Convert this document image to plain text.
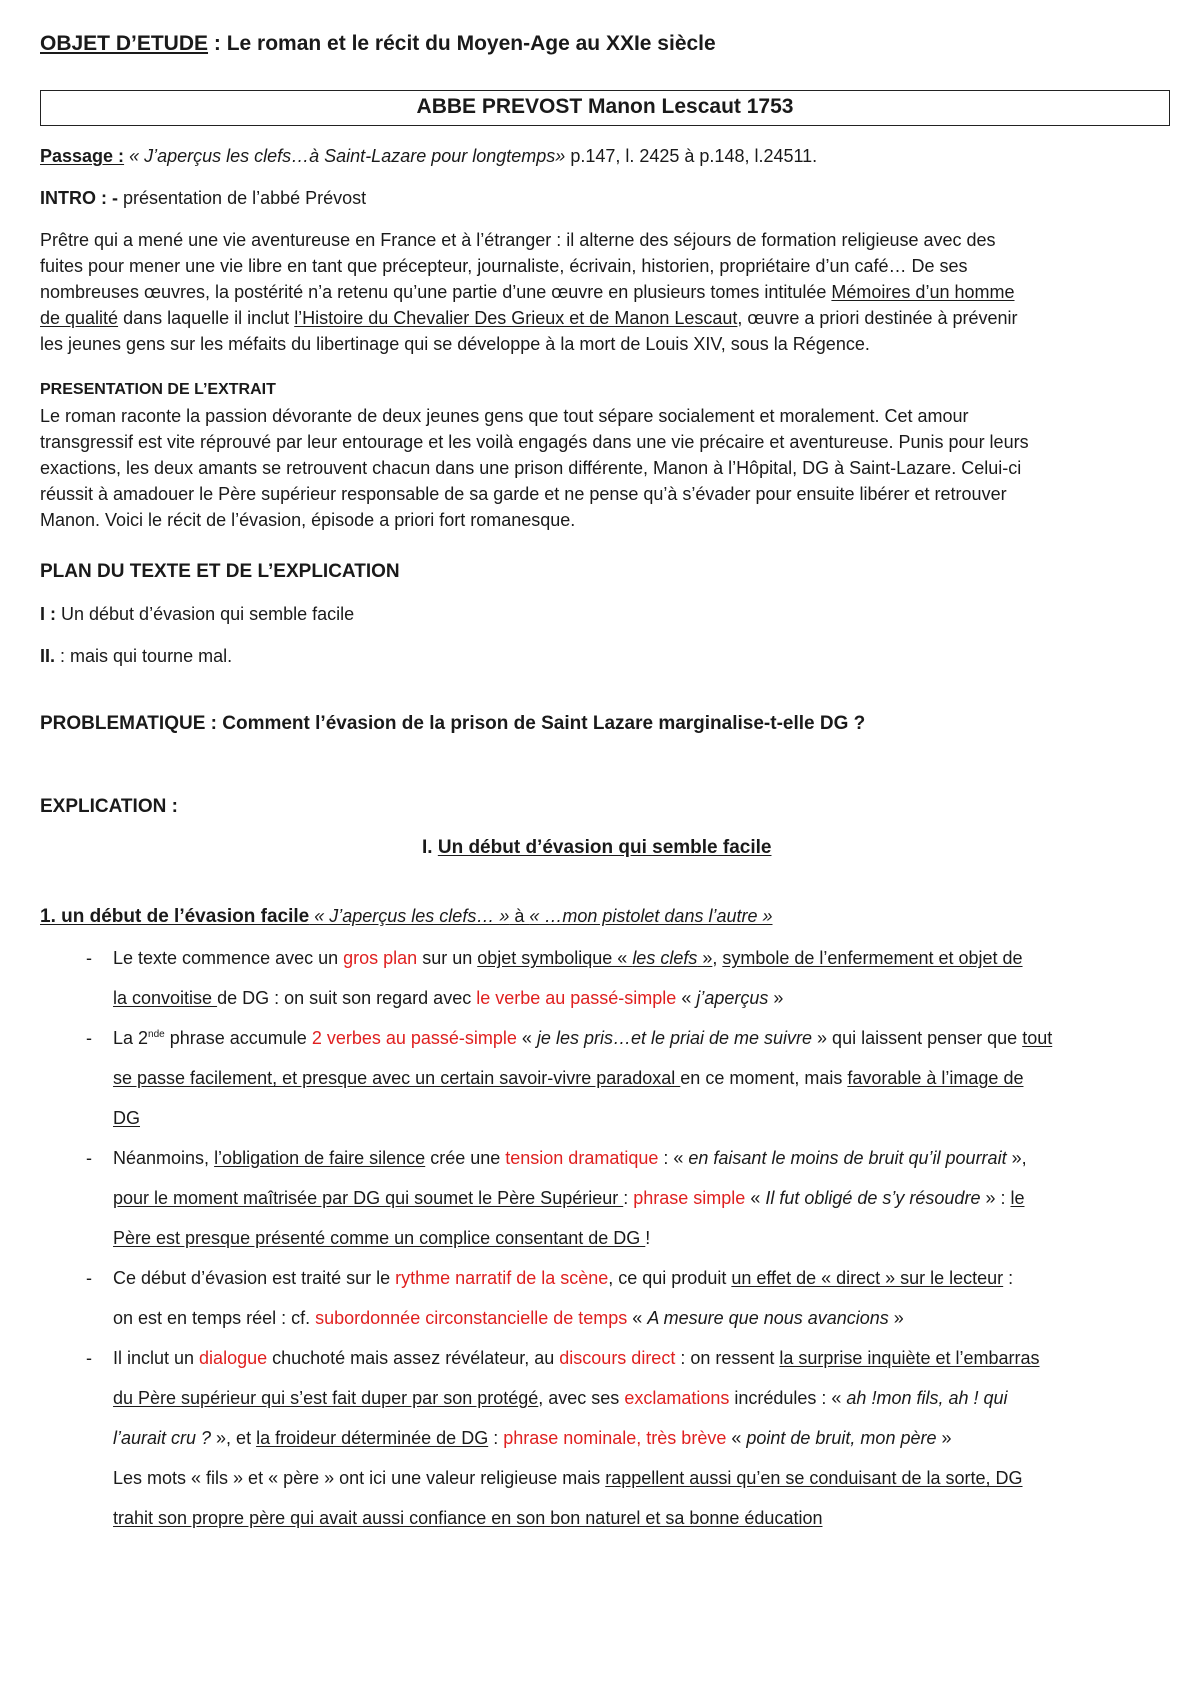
OBJET D’ETUDE : Le roman et le récit du Moyen-Age au XXIe siècle
ABBE PREVOST Manon Lescaut 1753
Passage : « J’aperçus les clefs…à Saint-Lazare pour longtemps» p.147, l. 2425 à p.148, l.24511.
INTRO : - présentation de l’abbé Prévost
Prêtre qui a mené une vie aventureuse en France et à l’étranger : il alterne des séjours de formation religieuse avec des
fuites pour mener une vie libre en tant que précepteur, journaliste, écrivain, historien, propriétaire d’un café… De ses
nombreuses œuvres, la postérité n’a retenu qu’une partie d’une œuvre en plusieurs tomes intitulée Mémoires d’un homme
de qualité dans laquelle il inclut l’Histoire du Chevalier Des Grieux et de Manon Lescaut, œuvre a priori destinée à prévenir
les jeunes gens sur les méfaits du libertinage qui se développe à la mort de Louis XIV, sous la Régence.
PRESENTATION DE L’EXTRAIT
Le roman raconte la passion dévorante de deux jeunes gens que tout sépare socialement et moralement. Cet amour
transgressif est vite réprouvé par leur entourage et les voilà engagés dans une vie précaire et aventureuse. Punis pour leurs
exactions, les deux amants se retrouvent chacun dans une prison différente, Manon à l’Hôpital, DG à Saint-Lazare. Celui-ci
réussit à amadouer le Père supérieur responsable de sa garde et ne pense qu’à s’évader pour ensuite libérer et retrouver
Manon. Voici le récit de l’évasion, épisode a priori fort romanesque.
PLAN DU TEXTE ET DE L’EXPLICATION
I : Un début d’évasion qui semble facile
II. : mais qui tourne mal.
PROBLEMATIQUE : Comment l’évasion de la prison de Saint Lazare marginalise-t-elle DG ?
EXPLICATION :
I. Un début d’évasion qui semble facile
1. un début de l’évasion facile « J’aperçus les clefs… » à « …mon pistolet dans l’autre »
- Le texte commence avec un gros plan sur un objet symbolique « les clefs », symbole de l’enfermement et objet de
la convoitise de DG : on suit son regard avec le verbe au passé-simple « j’aperçus »
- La 2nde phrase accumule 2 verbes au passé-simple « je les pris…et le priai de me suivre » qui laissent penser que tout
se passe facilement, et presque avec un certain savoir-vivre paradoxal en ce moment, mais favorable à l’image de
DG
- Néanmoins, l’obligation de faire silence crée une tension dramatique : « en faisant le moins de bruit qu’il pourrait »,
pour le moment maîtrisée par DG qui soumet le Père Supérieur : phrase simple « Il fut obligé de s’y résoudre » : le
Père est presque présenté comme un complice consentant de DG !
- Ce début d’évasion est traité sur le rythme narratif de la scène, ce qui produit un effet de « direct » sur le lecteur :
on est en temps réel : cf. subordonnée circonstancielle de temps « A mesure que nous avancions »
- Il inclut un dialogue chuchoté mais assez révélateur, au discours direct : on ressent la surprise inquiète et l’embarras
du Père supérieur qui s’est fait duper par son protégé, avec ses exclamations incrédules : « ah !mon fils, ah ! qui
l’aurait cru ? », et la froideur déterminée de DG : phrase nominale, très brève « point de bruit, mon père »
Les mots « fils » et « père » ont ici une valeur religieuse mais rappellent aussi qu’en se conduisant de la sorte, DG
trahit son propre père qui avait aussi confiance en son bon naturel et sa bonne éducation
